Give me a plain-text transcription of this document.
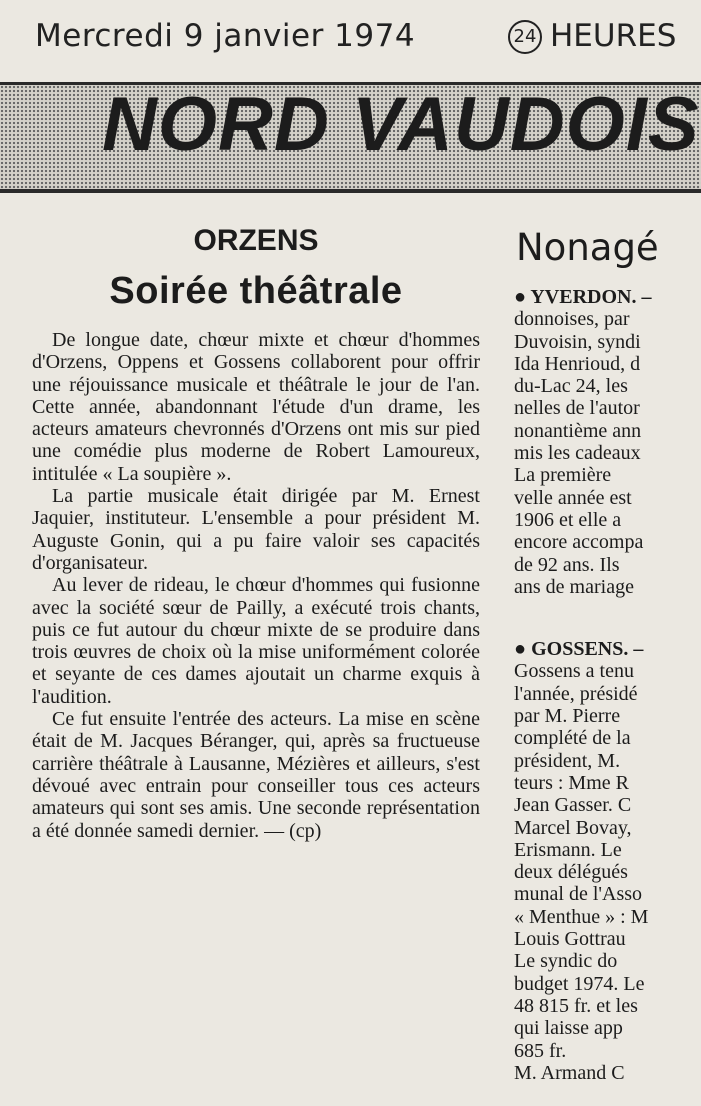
Mercredi 9 janvier 1974	24 HEURES
NORD VAUDOIS
ORZENS
Soirée théâtrale

De longue date, chœur mixte et chœur d'hommes d'Orzens, Oppens et Gossens collaborent pour offrir une réjouissance musicale et théâtrale le jour de l'an. Cette année, abandonnant l'étude d'un drame, les acteurs amateurs chevronnés d'Orzens ont mis sur pied une comédie plus moderne de Robert Lamoureux, intitulée « La soupière ».

La partie musicale était dirigée par M. Ernest Jaquier, instituteur. L'ensemble a pour président M. Auguste Gonin, qui a pu faire valoir ses capacités d'organisateur.

Au lever de rideau, le chœur d'hommes qui fusionne avec la société sœur de Pailly, a exécuté trois chants, puis ce fut autour du chœur mixte de se produire dans trois œuvres de choix où la mise uniformément colorée et seyante de ces dames ajoutait un charme exquis à l'audition.

Ce fut ensuite l'entrée des acteurs. La mise en scène était de M. Jacques Béranger, qui, après sa fructueuse carrière théâtrale à Lausanne, Mézières et ailleurs, s'est dévoué avec entrain pour conseiller tous ces acteurs amateurs qui sont ses amis. Une seconde représentation a été donnée samedi dernier. — (cp)

Nonagé
● YVERDON. –
donnoises, par
Duvoisin, syndi
Ida Henrioud, d
du-Lac 24, les
nelles de l'autor
nonantième ann
mis les cadeaux
La première
velle année est
1906 et elle a
encore accompa
de 92 ans. Ils
ans de mariage
● GOSSENS. –
Gossens a tenu
l'année, présidé
par M. Pierre
complété de la
président, M.
teurs : Mme R
Jean Gasser. C
Marcel Bovay,
Erismann. Le
deux délégués
munal de l'Asso
« Menthue » : M
Louis Gottrau
Le syndic do
budget 1974. Le
48 815 fr. et les
qui laisse app
685 fr.
M. Armand C
